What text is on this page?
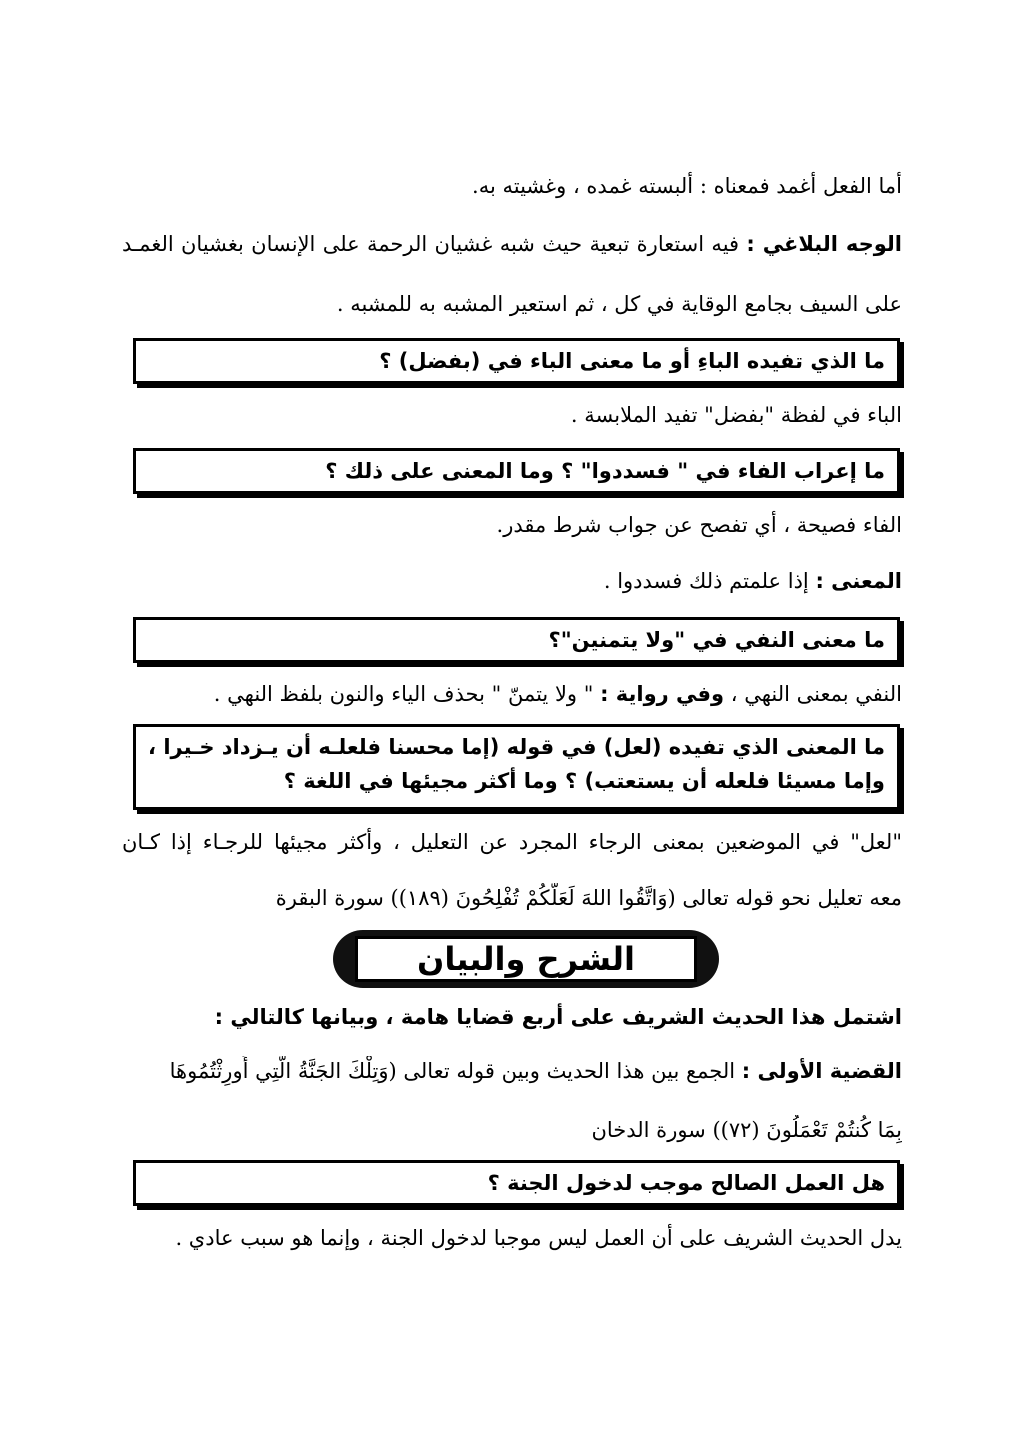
أما الفعل أغمد فمعناه : ألبسته غمده ، وغشيته به.
الوجه البلاغي : فيه استعارة تبعية حيث شبه غشيان الرحمة على الإنسان بغشيان الغمـد
على السيف بجامع الوقاية في كل ، ثم استعير المشبه به للمشبه .
ما الذي تفيده الباءِ أو ما معنى الباء في (بفضل) ؟
الباء في لفظة "بفضل" تفيد الملابسة .
ما إعراب الفاء في " فسددوا" ؟ وما المعنى على ذلك ؟
الفاء فصيحة ، أي تفصح عن جواب شرط مقدر.
المعنى : إذا علمتم ذلك فسددوا .
ما معنى النفي في "ولا يتمنين"؟
النفي بمعنى النهي ، وفي رواية : " ولا يتمنّ " بحذف الياء والنون بلفظ النهي .
ما المعنى الذي تفيده (لعل) في قوله (إما محسنا فلعلـه أن يـزداد خـيرا ،
وإما مسيئا فلعله أن يستعتب) ؟ وما أكثر مجيئها في اللغة ؟
"لعل" في الموضعين بمعنى الرجاء المجرد عن التعليل ، وأكثر مجيئها للرجـاء إذا كـان
معه تعليل نحو قوله تعالى (وَاتَّقُوا اللهَ لَعَلَّكُمْ تُفْلِحُونَ (١٨٩)) سورة البقرة
الشرح والبيان
اشتمل هذا الحديث الشريف على أربع قضايا هامة ، وبيانها كالتالي :
القضية الأولى : الجمع بين هذا الحديث وبين قوله تعالى (وَتِلْكَ الجَنَّةُ الَّتِي أُورِثْتُمُوهَا
بِمَا كُنتُمْ تَعْمَلُونَ (٧٢)) سورة الدخان
هل العمل الصالح موجب لدخول الجنة ؟
يدل الحديث الشريف على أن العمل ليس موجبا لدخول الجنة ، وإنما هو سبب عادي .
